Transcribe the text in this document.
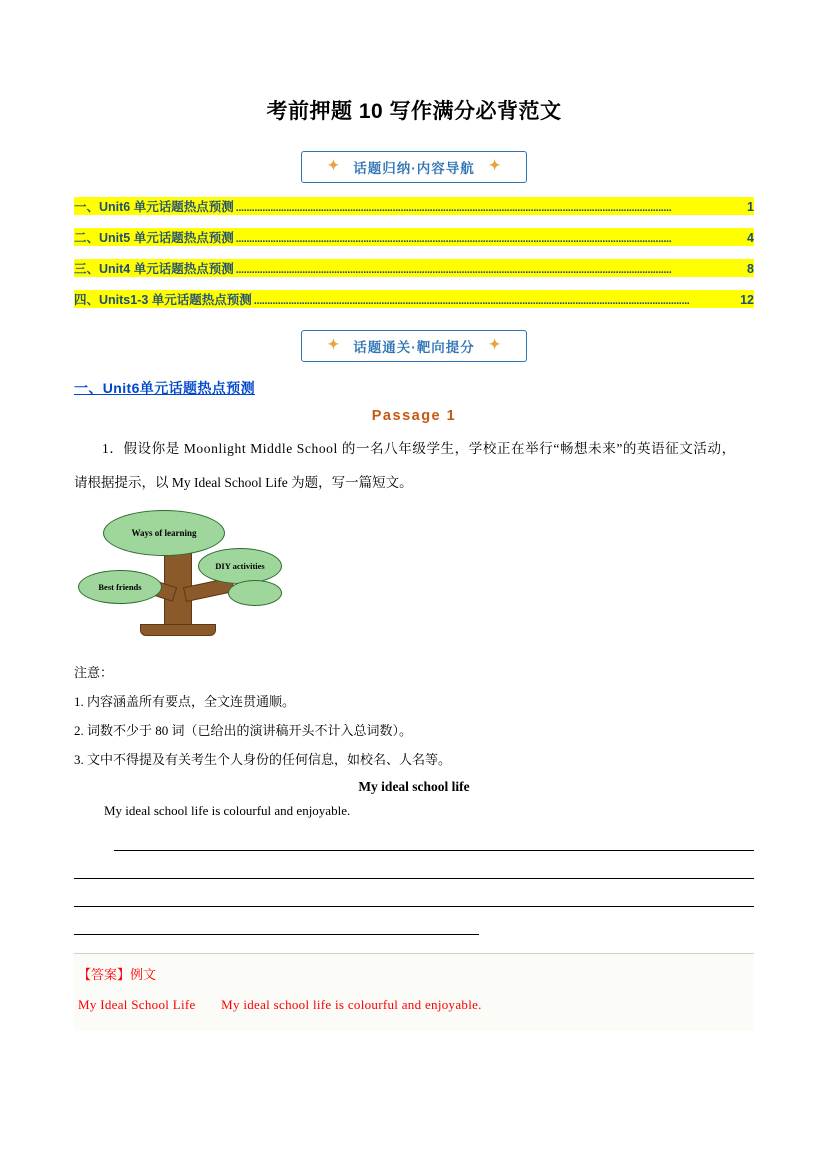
考前押题 10 写作满分必背范文
✦ 话题归纳·内容导航 ✦
一、Unit6 单元话题热点预测 ....................................................................................................................................................................	1
二、Unit5 单元话题热点预测 ....................................................................................................................................................................	4
三、Unit4 单元话题热点预测 ....................................................................................................................................................................	8
四、Units1-3 单元话题热点预测 ....................................................................................................................................................................	12
✦ 话题通关·靶向提分 ✦
一、Unit6单元话题热点预测
Passage 1

1．假设你是 Moonlight Middle School 的一名八年级学生，学校正在举行“畅想未来”的英语征文活动，

请根据提示，以 My Ideal School Life 为题，写一篇短文。

Ways of learning
DIY activities
Best friends

注意：

1. 内容涵盖所有要点，全文连贯通顺。

2. 词数不少于 80 词（已给出的演讲稿开头不计入总词数）。

3. 文中不得提及有关考生个人身份的任何信息，如校名、人名等。

My ideal school life
My ideal school life is colourful and enjoyable.
【答案】例文
My Ideal School Life My ideal school life is colourful and enjoyable.
